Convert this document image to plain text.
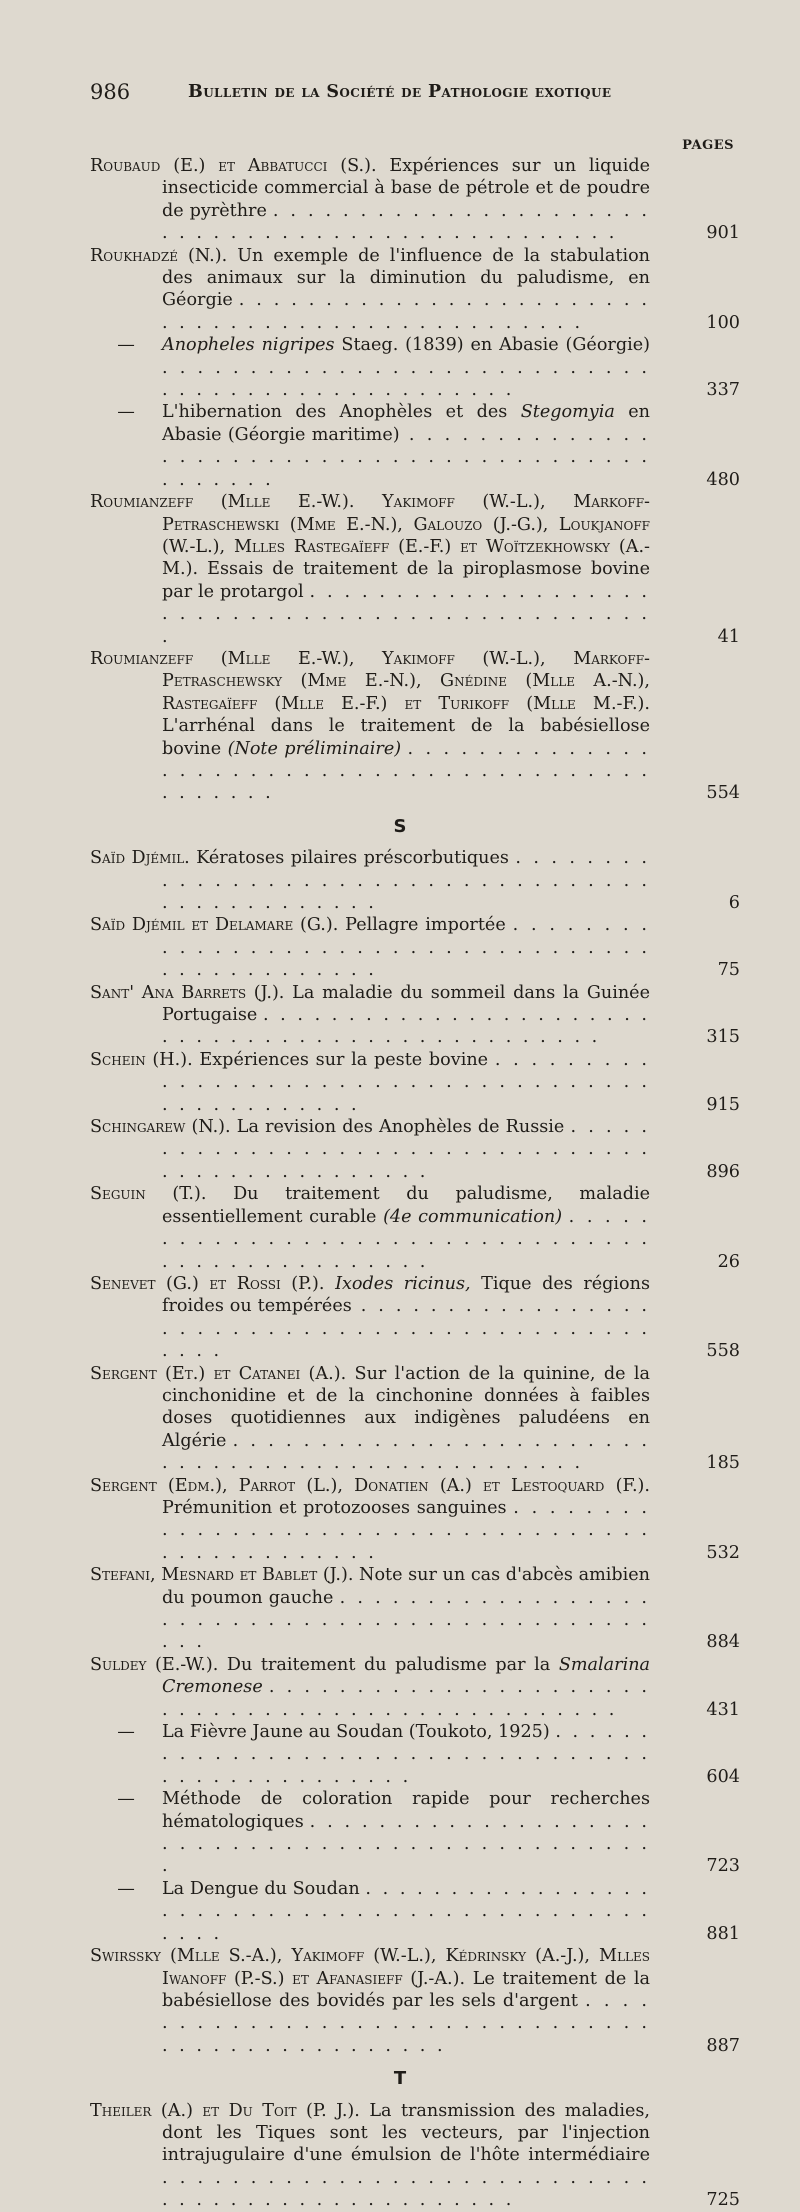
986	Bulletin de la Société de Pathologie exotique
PAGES

Roubaud (E.) et Abbatucci (S.). Expériences sur un liquide insecticide commercial à base de pétrole et de poudre de pyrèthre . . .
901

Roukhadzé (N.). Un exemple de l'influence de la stabulation des animaux sur la diminution du paludisme, en Géorgie . . .
100

— Anopheles nigripes Staeg. (1839) en Abasie (Géorgie) . . .
337

— L'hibernation des Anophèles et des Stegomyia en Abasie (Géorgie maritime) . . .
480

Roumianzeff (Mlle E.-W.). Yakimoff (W.-L.), Markoff-Petraschewski (Mme E.-N.), Galouzo (J.-G.), Loukjanoff (W.-L.), Mlles Rastegaïeff (E.-F.) et Woïtzekhowsky (A.-M.). Essais de traitement de la piroplasmose bovine par le protargol . . .
41

Roumianzeff (Mlle E.-W.), Yakimoff (W.-L.), Markoff-Petraschewsky (Mme E.-N.), Gnédine (Mlle A.-N.), Rastegaïeff (Mlle E.-F.) et Turikoff (Mlle M.-F.). L'arrhénal dans le traitement de la babésiellose bovine (Note préliminaire) . . .
554

S

Saïd Djémil. Kératoses pilaires préscorbutiques . . .
6

Saïd Djémil et Delamare (G.). Pellagre importée . . .
75

Sant' Ana Barrets (J.). La maladie du sommeil dans la Guinée Portugaise . . .
315

Schein (H.). Expériences sur la peste bovine . . .
915

Schingarew (N.). La revision des Anophèles de Russie . . .
896

Seguin (T.). Du traitement du paludisme, maladie essentiellement curable (4e communication) . . .
26

Senevet (G.) et Rossi (P.). Ixodes ricinus, Tique des régions froides ou tempérées . . .
558

Sergent (Et.) et Catanei (A.). Sur l'action de la quinine, de la cinchonidine et de la cinchonine données à faibles doses quotidiennes aux indigènes paludéens en Algérie . . .
185

Sergent (Edm.), Parrot (L.), Donatien (A.) et Lestoquard (F.). Prémunition et protozooses sanguines . . .
532

Stefani, Mesnard et Bablet (J.). Note sur un cas d'abcès amibien du poumon gauche . . .
884

Suldey (E.-W.). Du traitement du paludisme par la Smalarina Cremonese . . .
431

— La Fièvre Jaune au Soudan (Toukoto, 1925) . . .
604

— Méthode de coloration rapide pour recherches hématologiques . . .
723

— La Dengue du Soudan . . .
881

Swirssky (Mlle S.-A.), Yakimoff (W.-L.), Kédrinsky (A.-J.), Mlles Iwanoff (P.-S.) et Afanasieff (J.-A.). Le traitement de la babésiellose des bovidés par les sels d'argent . . .
887

T

Theiler (A.) et Du Toit (P. J.). La transmission des maladies, dont les Tiques sont les vecteurs, par l'injection intrajugulaire d'une émulsion de l'hôte intermédiaire . . .
725
